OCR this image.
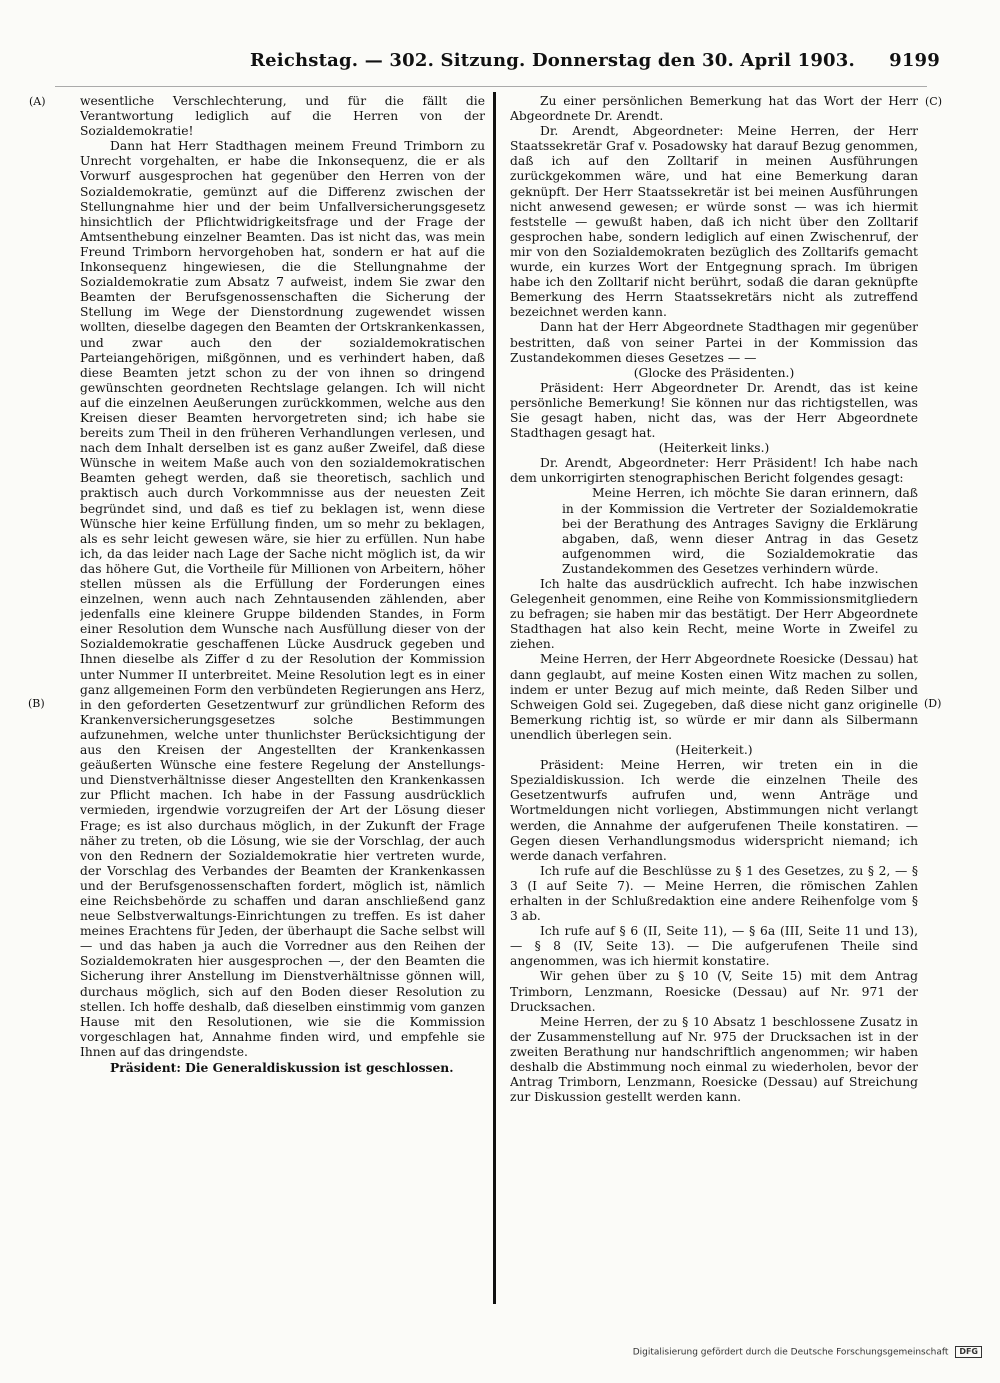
Reichstag. — 302. Sitzung. Donnerstag den 30. April 1903. 9199
(A)
(B)
(C)
(D)

wesentliche Verschlechterung, und für die fällt die Verantwortung lediglich auf die Herren von der Sozialdemokratie!

Dann hat Herr Stadthagen meinem Freund Trimborn zu Unrecht vorgehalten, er habe die Inkonsequenz, die er als Vorwurf ausgesprochen hat gegenüber den Herren von der Sozialdemokratie, gemünzt auf die Differenz zwischen der Stellungnahme hier und der beim Unfallversicherungsgesetz hinsichtlich der Pflichtwidrigkeitsfrage und der Frage der Amtsenthebung einzelner Beamten. Das ist nicht das, was mein Freund Trimborn hervorgehoben hat, sondern er hat auf die Inkonsequenz hingewiesen, die die Stellungnahme der Sozialdemokratie zum Absatz 7 aufweist, indem Sie zwar den Beamten der Berufsgenossenschaften die Sicherung der Stellung im Wege der Dienstordnung zugewendet wissen wollten, dieselbe dagegen den Beamten der Ortskrankenkassen, und zwar auch den der sozialdemokratischen Parteiangehörigen, mißgönnen, und es verhindert haben, daß diese Beamten jetzt schon zu der von ihnen so dringend gewünschten geordneten Rechtslage gelangen. Ich will nicht auf die einzelnen Aeußerungen zurückkommen, welche aus den Kreisen dieser Beamten hervorgetreten sind; ich habe sie bereits zum Theil in den früheren Verhandlungen verlesen, und nach dem Inhalt derselben ist es ganz außer Zweifel, daß diese Wünsche in weitem Maße auch von den sozialdemokratischen Beamten gehegt werden, daß sie theoretisch, sachlich und praktisch auch durch Vorkommnisse aus der neuesten Zeit begründet sind, und daß es tief zu beklagen ist, wenn diese Wünsche hier keine Erfüllung finden, um so mehr zu beklagen, als es sehr leicht gewesen wäre, sie hier zu erfüllen. Nun habe ich, da das leider nach Lage der Sache nicht möglich ist, da wir das höhere Gut, die Vortheile für Millionen von Arbeitern, höher stellen müssen als die Erfüllung der Forderungen eines einzelnen, wenn auch nach Zehntausenden zählenden, aber jedenfalls eine kleinere Gruppe bildenden Standes, in Form einer Resolution dem Wunsche nach Ausfüllung dieser von der Sozialdemokratie geschaffenen Lücke Ausdruck gegeben und Ihnen dieselbe als Ziffer d zu der Resolution der Kommission unter Nummer II unterbreitet. Meine Resolution legt es in einer ganz allgemeinen Form den verbündeten Regierungen ans Herz, in den geforderten Gesetzentwurf zur gründlichen Reform des Krankenversicherungsgesetzes solche Bestimmungen aufzunehmen, welche unter thunlichster Berücksichtigung der aus den Kreisen der Angestellten der Krankenkassen geäußerten Wünsche eine festere Regelung der Anstellungs- und Dienstverhältnisse dieser Angestellten den Krankenkassen zur Pflicht machen. Ich habe in der Fassung ausdrücklich vermieden, irgendwie vorzugreifen der Art der Lösung dieser Frage; es ist also durchaus möglich, in der Zukunft der Frage näher zu treten, ob die Lösung, wie sie der Vorschlag, der auch von den Rednern der Sozialdemokratie hier vertreten wurde, der Vorschlag des Verbandes der Beamten der Krankenkassen und der Berufsgenossenschaften fordert, möglich ist, nämlich eine Reichsbehörde zu schaffen und daran anschließend ganz neue Selbstverwaltungs-Einrichtungen zu treffen. Es ist daher meines Erachtens für Jeden, der überhaupt die Sache selbst will — und das haben ja auch die Vorredner aus den Reihen der Sozialdemokraten hier ausgesprochen —, der den Beamten die Sicherung ihrer Anstellung im Dienstverhältnisse gönnen will, durchaus möglich, sich auf den Boden dieser Resolution zu stellen. Ich hoffe deshalb, daß dieselben einstimmig vom ganzen Hause mit den Resolutionen, wie sie die Kommission vorgeschlagen hat, Annahme finden wird, und empfehle sie Ihnen auf das dringendste.

Präsident: Die Generaldiskussion ist geschlossen.

Zu einer persönlichen Bemerkung hat das Wort der Herr Abgeordnete Dr. Arendt.

Dr. Arendt, Abgeordneter: Meine Herren, der Herr Staatssekretär Graf v. Posadowsky hat darauf Bezug genommen, daß ich auf den Zolltarif in meinen Ausführungen zurückgekommen wäre, und hat eine Bemerkung daran geknüpft. Der Herr Staatssekretär ist bei meinen Ausführungen nicht anwesend gewesen; er würde sonst — was ich hiermit feststelle — gewußt haben, daß ich nicht über den Zolltarif gesprochen habe, sondern lediglich auf einen Zwischenruf, der mir von den Sozialdemokraten bezüglich des Zolltarifs gemacht wurde, ein kurzes Wort der Entgegnung sprach. Im übrigen habe ich den Zolltarif nicht berührt, sodaß die daran geknüpfte Bemerkung des Herrn Staatssekretärs nicht als zutreffend bezeichnet werden kann.

Dann hat der Herr Abgeordnete Stadthagen mir gegenüber bestritten, daß von seiner Partei in der Kommission das Zustandekommen dieses Gesetzes — —

(Glocke des Präsidenten.)

Präsident: Herr Abgeordneter Dr. Arendt, das ist keine persönliche Bemerkung! Sie können nur das richtigstellen, was Sie gesagt haben, nicht das, was der Herr Abgeordnete Stadthagen gesagt hat.

(Heiterkeit links.)

Dr. Arendt, Abgeordneter: Herr Präsident! Ich habe nach dem unkorrigirten stenographischen Bericht folgendes gesagt:

Meine Herren, ich möchte Sie daran erinnern, daß in der Kommission die Vertreter der Sozialdemokratie bei der Berathung des Antrages Savigny die Erklärung abgaben, daß, wenn dieser Antrag in das Gesetz aufgenommen wird, die Sozialdemokratie das Zustandekommen des Gesetzes verhindern würde.

Ich halte das ausdrücklich aufrecht. Ich habe inzwischen Gelegenheit genommen, eine Reihe von Kommissionsmitgliedern zu befragen; sie haben mir das bestätigt. Der Herr Abgeordnete Stadthagen hat also kein Recht, meine Worte in Zweifel zu ziehen.

Meine Herren, der Herr Abgeordnete Roesicke (Dessau) hat dann geglaubt, auf meine Kosten einen Witz machen zu sollen, indem er unter Bezug auf mich meinte, daß Reden Silber und Schweigen Gold sei. Zugegeben, daß diese nicht ganz originelle Bemerkung richtig ist, so würde er mir dann als Silbermann unendlich überlegen sein.

(Heiterkeit.)

Präsident: Meine Herren, wir treten ein in die Spezialdiskussion. Ich werde die einzelnen Theile des Gesetzentwurfs aufrufen und, wenn Anträge und Wortmeldungen nicht vorliegen, Abstimmungen nicht verlangt werden, die Annahme der aufgerufenen Theile konstatiren. — Gegen diesen Verhandlungsmodus widerspricht niemand; ich werde danach verfahren.

Ich rufe auf die Beschlüsse zu § 1 des Gesetzes, zu § 2, — § 3 (I auf Seite 7). — Meine Herren, die römischen Zahlen erhalten in der Schlußredaktion eine andere Reihenfolge vom § 3 ab.

Ich rufe auf § 6 (II, Seite 11), — § 6a (III, Seite 11 und 13), — § 8 (IV, Seite 13). — Die aufgerufenen Theile sind angenommen, was ich hiermit konstatire.

Wir gehen über zu § 10 (V, Seite 15) mit dem Antrag Trimborn, Lenzmann, Roesicke (Dessau) auf Nr. 971 der Drucksachen.

Meine Herren, der zu § 10 Absatz 1 beschlossene Zusatz in der Zusammenstellung auf Nr. 975 der Drucksachen ist in der zweiten Berathung nur handschriftlich angenommen; wir haben deshalb die Abstimmung noch einmal zu wiederholen, bevor der Antrag Trimborn, Lenzmann, Roesicke (Dessau) auf Streichung zur Diskussion gestellt werden kann.

Digitalisierung gefördert durch die Deutsche Forschungsgemeinschaft DFG
